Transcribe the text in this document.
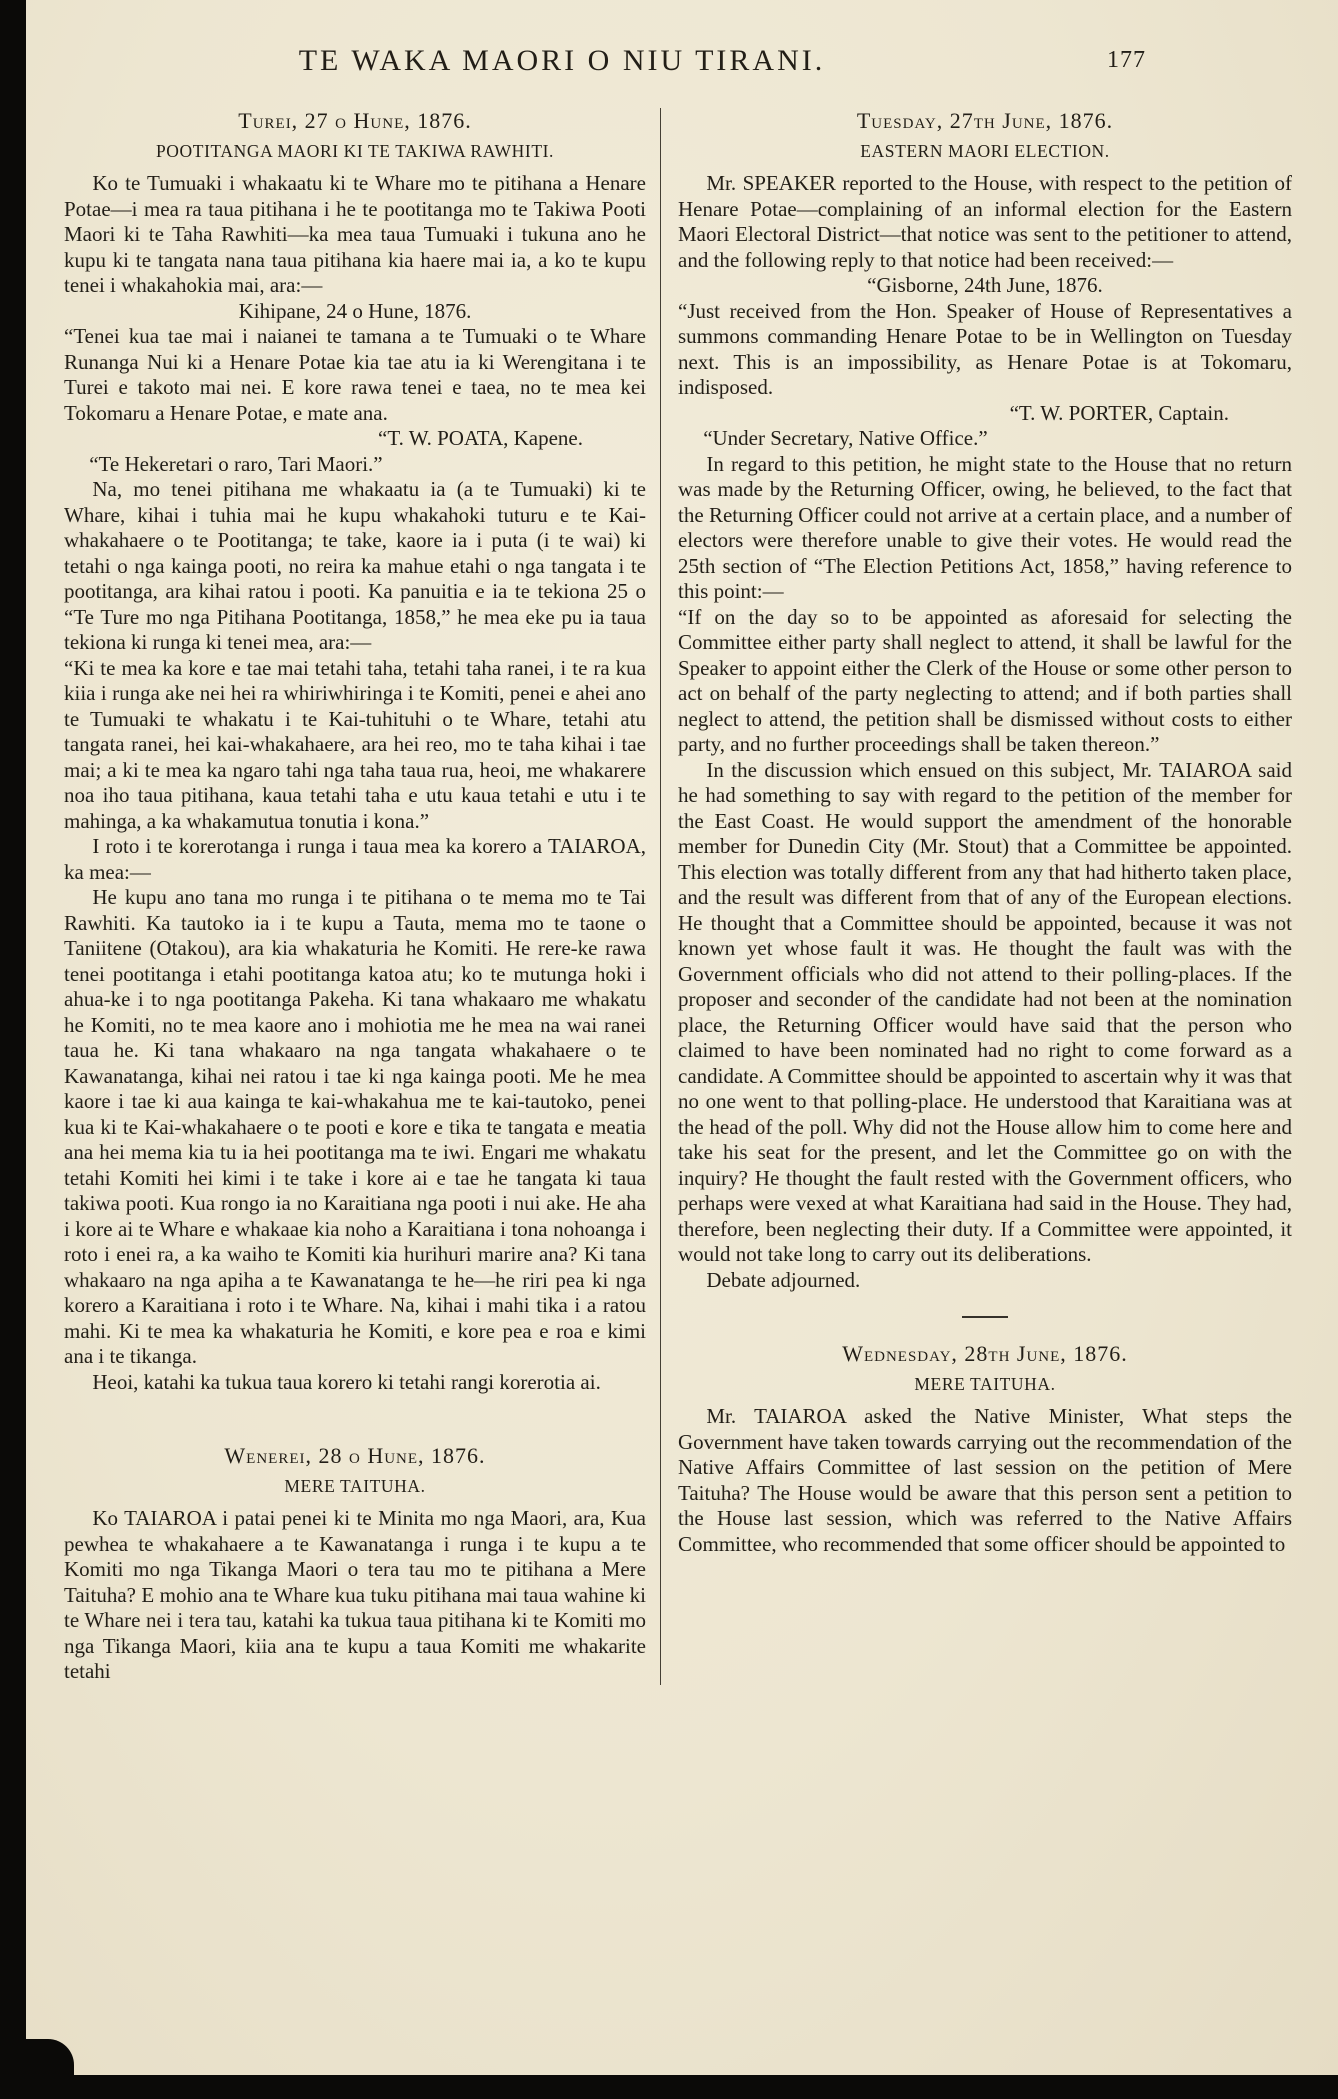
TE WAKA MAORI O NIU TIRANI.	177
Turei, 27 o Hune, 1876.
POOTITANGA MAORI KI TE TAKIWA RAWHITI.

Ko te Tumuaki i whakaatu ki te Whare mo te pitihana a Henare Potae—i mea ra taua pitihana i he te pootitanga mo te Takiwa Pooti Maori ki te Taha Rawhiti—ka mea taua Tumuaki i tukuna ano he kupu ki te tangata nana taua pitihana kia haere mai ia, a ko te kupu tenei i whakahokia mai, ara:—

Kihipane, 24 o Hune, 1876.

“Tenei kua tae mai i naianei te tamana a te Tumuaki o te Whare Runanga Nui ki a Henare Potae kia tae atu ia ki Werengitana i te Turei e takoto mai nei. E kore rawa tenei e taea, no te mea kei Tokomaru a Henare Potae, e mate ana.

“T. W. POATA, Kapene.

“Te Hekeretari o raro, Tari Maori.”

Na, mo tenei pitihana me whakaatu ia (a te Tumuaki) ki te Whare, kihai i tuhia mai he kupu whakahoki tuturu e te Kai-whakahaere o te Pootitanga; te take, kaore ia i puta (i te wai) ki tetahi o nga kainga pooti, no reira ka mahue etahi o nga tangata i te pootitanga, ara kihai ratou i pooti. Ka panuitia e ia te tekiona 25 o “Te Ture mo nga Pitihana Pootitanga, 1858,” he mea eke pu ia taua tekiona ki runga ki tenei mea, ara:—

“Ki te mea ka kore e tae mai tetahi taha, tetahi taha ranei, i te ra kua kiia i runga ake nei hei ra whiriwhiringa i te Komiti, penei e ahei ano te Tumuaki te whakatu i te Kai-tuhituhi o te Whare, tetahi atu tangata ranei, hei kai-whakahaere, ara hei reo, mo te taha kihai i tae mai; a ki te mea ka ngaro tahi nga taha taua rua, heoi, me whakarere noa iho taua pitihana, kaua tetahi taha e utu kaua tetahi e utu i te mahinga, a ka whakamutua tonutia i kona.”

I roto i te korerotanga i runga i taua mea ka korero a TAIAROA, ka mea:—

He kupu ano tana mo runga i te pitihana o te mema mo te Tai Rawhiti. Ka tautoko ia i te kupu a Tauta, mema mo te taone o Taniitene (Otakou), ara kia whakaturia he Komiti. He rere-ke rawa tenei pootitanga i etahi pootitanga katoa atu; ko te mutunga hoki i ahua-ke i to nga pootitanga Pakeha. Ki tana whakaaro me whakatu he Komiti, no te mea kaore ano i mohiotia me he mea na wai ranei taua he. Ki tana whakaaro na nga tangata whakahaere o te Kawanatanga, kihai nei ratou i tae ki nga kainga pooti. Me he mea kaore i tae ki aua kainga te kai-whakahua me te kai-tautoko, penei kua ki te Kai-whakahaere o te pooti e kore e tika te tangata e meatia ana hei mema kia tu ia hei pootitanga ma te iwi. Engari me whakatu tetahi Komiti hei kimi i te take i kore ai e tae he tangata ki taua takiwa pooti. Kua rongo ia no Karaitiana nga pooti i nui ake. He aha i kore ai te Whare e whakaae kia noho a Karaitiana i tona nohoanga i roto i enei ra, a ka waiho te Komiti kia hurihuri marire ana? Ki tana whakaaro na nga apiha a te Kawanatanga te he—he riri pea ki nga korero a Karaitiana i roto i te Whare. Na, kihai i mahi tika i a ratou mahi. Ki te mea ka whakaturia he Komiti, e kore pea e roa e kimi ana i te tikanga.

Heoi, katahi ka tukua taua korero ki tetahi rangi korerotia ai.

Wenerei, 28 o Hune, 1876.
MERE TAITUHA.

Ko TAIAROA i patai penei ki te Minita mo nga Maori, ara, Kua pewhea te whakahaere a te Kawanatanga i runga i te kupu a te Komiti mo nga Tikanga Maori o tera tau mo te pitihana a Mere Taituha? E mohio ana te Whare kua tuku pitihana mai taua wahine ki te Whare nei i tera tau, katahi ka tukua taua pitihana ki te Komiti mo nga Tikanga Maori, kiia ana te kupu a taua Komiti me whakarite tetahi

Tuesday, 27th June, 1876.
EASTERN MAORI ELECTION.

Mr. SPEAKER reported to the House, with respect to the petition of Henare Potae—complaining of an informal election for the Eastern Maori Electoral District—that notice was sent to the petitioner to attend, and the following reply to that notice had been received:—

“Gisborne, 24th June, 1876.

“Just received from the Hon. Speaker of House of Representatives a summons commanding Henare Potae to be in Wellington on Tuesday next. This is an impossibility, as Henare Potae is at Tokomaru, indisposed.

“T. W. PORTER, Captain.

“Under Secretary, Native Office.”

In regard to this petition, he might state to the House that no return was made by the Returning Officer, owing, he believed, to the fact that the Returning Officer could not arrive at a certain place, and a number of electors were therefore unable to give their votes. He would read the 25th section of “The Election Petitions Act, 1858,” having reference to this point:—

“If on the day so to be appointed as aforesaid for selecting the Committee either party shall neglect to attend, it shall be lawful for the Speaker to appoint either the Clerk of the House or some other person to act on behalf of the party neglecting to attend; and if both parties shall neglect to attend, the petition shall be dismissed without costs to either party, and no further proceedings shall be taken thereon.”

In the discussion which ensued on this subject, Mr. TAIAROA said he had something to say with regard to the petition of the member for the East Coast. He would support the amendment of the honorable member for Dunedin City (Mr. Stout) that a Committee be appointed. This election was totally different from any that had hitherto taken place, and the result was different from that of any of the European elections. He thought that a Committee should be appointed, because it was not known yet whose fault it was. He thought the fault was with the Government officials who did not attend to their polling-places. If the proposer and seconder of the candidate had not been at the nomination place, the Returning Officer would have said that the person who claimed to have been nominated had no right to come forward as a candidate. A Committee should be appointed to ascertain why it was that no one went to that polling-place. He understood that Karaitiana was at the head of the poll. Why did not the House allow him to come here and take his seat for the present, and let the Committee go on with the inquiry? He thought the fault rested with the Government officers, who perhaps were vexed at what Karaitiana had said in the House. They had, therefore, been neglecting their duty. If a Committee were appointed, it would not take long to carry out its deliberations.

Debate adjourned.

Wednesday, 28th June, 1876.
MERE TAITUHA.

Mr. TAIAROA asked the Native Minister, What steps the Government have taken towards carrying out the recommendation of the Native Affairs Committee of last session on the petition of Mere Taituha? The House would be aware that this person sent a petition to the House last session, which was referred to the Native Affairs Committee, who recommended that some officer should be appointed to
